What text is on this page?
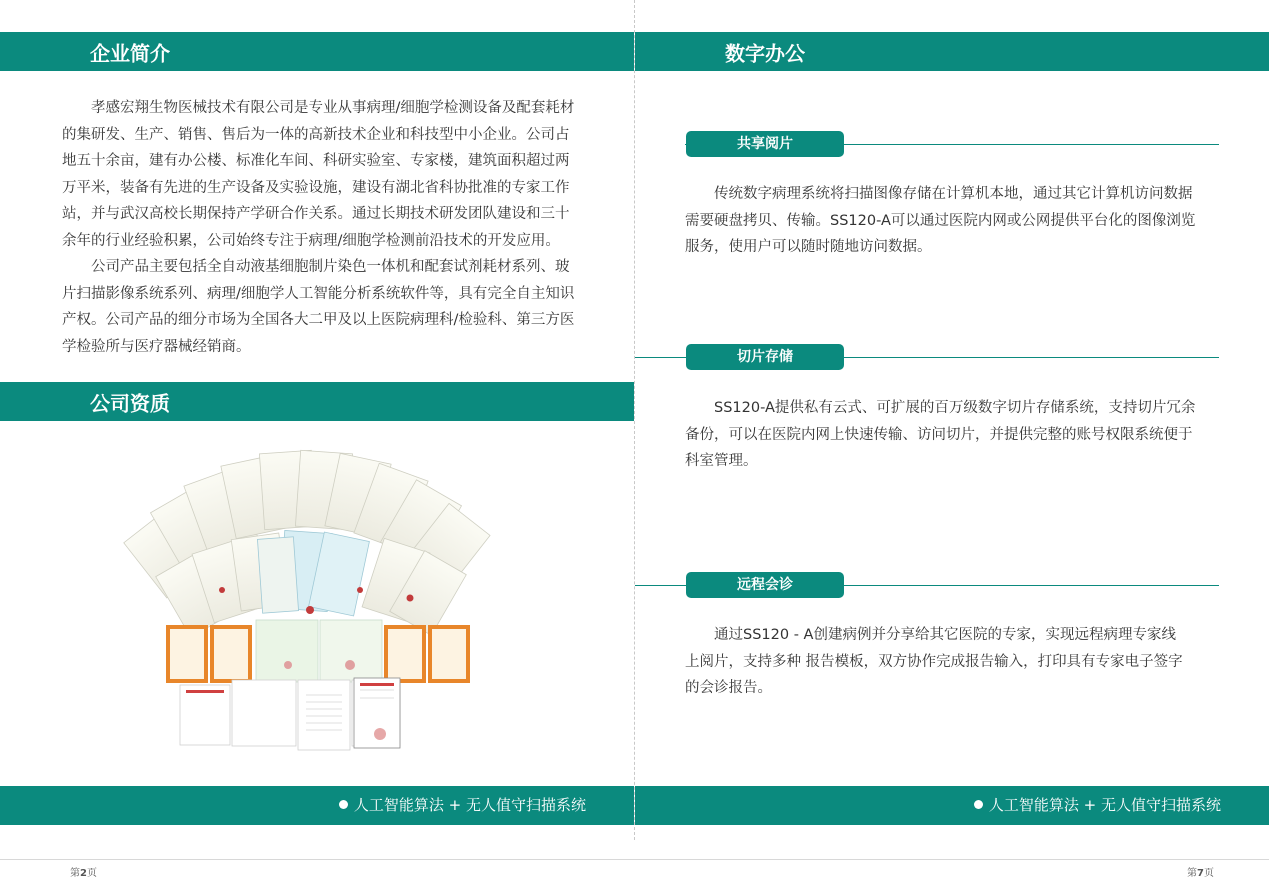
企业简介

孝感宏翔生物医械技术有限公司是专业从事病理/细胞学检测设备及配套耗材的集研发、生产、销售、售后为一体的高新技术企业和科技型中小企业。公司占地五十余亩，建有办公楼、标准化车间、科研实验室、专家楼，建筑面积超过两万平米，装备有先进的生产设备及实验设施，建设有湖北省科协批准的专家工作站，并与武汉高校长期保持产学研合作关系。通过长期技术研发团队建设和三十余年的行业经验积累，公司始终专注于病理/细胞学检测前沿技术的开发应用。

公司产品主要包括全自动液基细胞制片染色一体机和配套试剂耗材系列、玻片扫描影像系统系列、病理/细胞学人工智能分析系统软件等，具有完全自主知识产权。公司产品的细分市场为全国各大二甲及以上医院病理科/检验科、第三方医学检验所与医疗器械经销商。

公司资质
人工智能算法 + 无人值守扫描系统
数字办公
共享阅片

传统数字病理系统将扫描图像存储在计算机本地，通过其它计算机访问数据需要硬盘拷贝、传输。SS120-A可以通过医院内网或公网提供平台化的图像浏览服务，使用户可以随时随地访问数据。

切片存储

SS120-A提供私有云式、可扩展的百万级数字切片存储系统，支持切片冗余备份，可以在医院内网上快速传输、访问切片，并提供完整的账号权限系统便于科室管理。

远程会诊

通过SS120 - A创建病例并分享给其它医院的专家，实现远程病理专家线上阅片，支持多种 报告模板，双方协作完成报告输入，打印具有专家电子签字的会诊报告。

人工智能算法 + 无人值守扫描系统
第2页	第7页
